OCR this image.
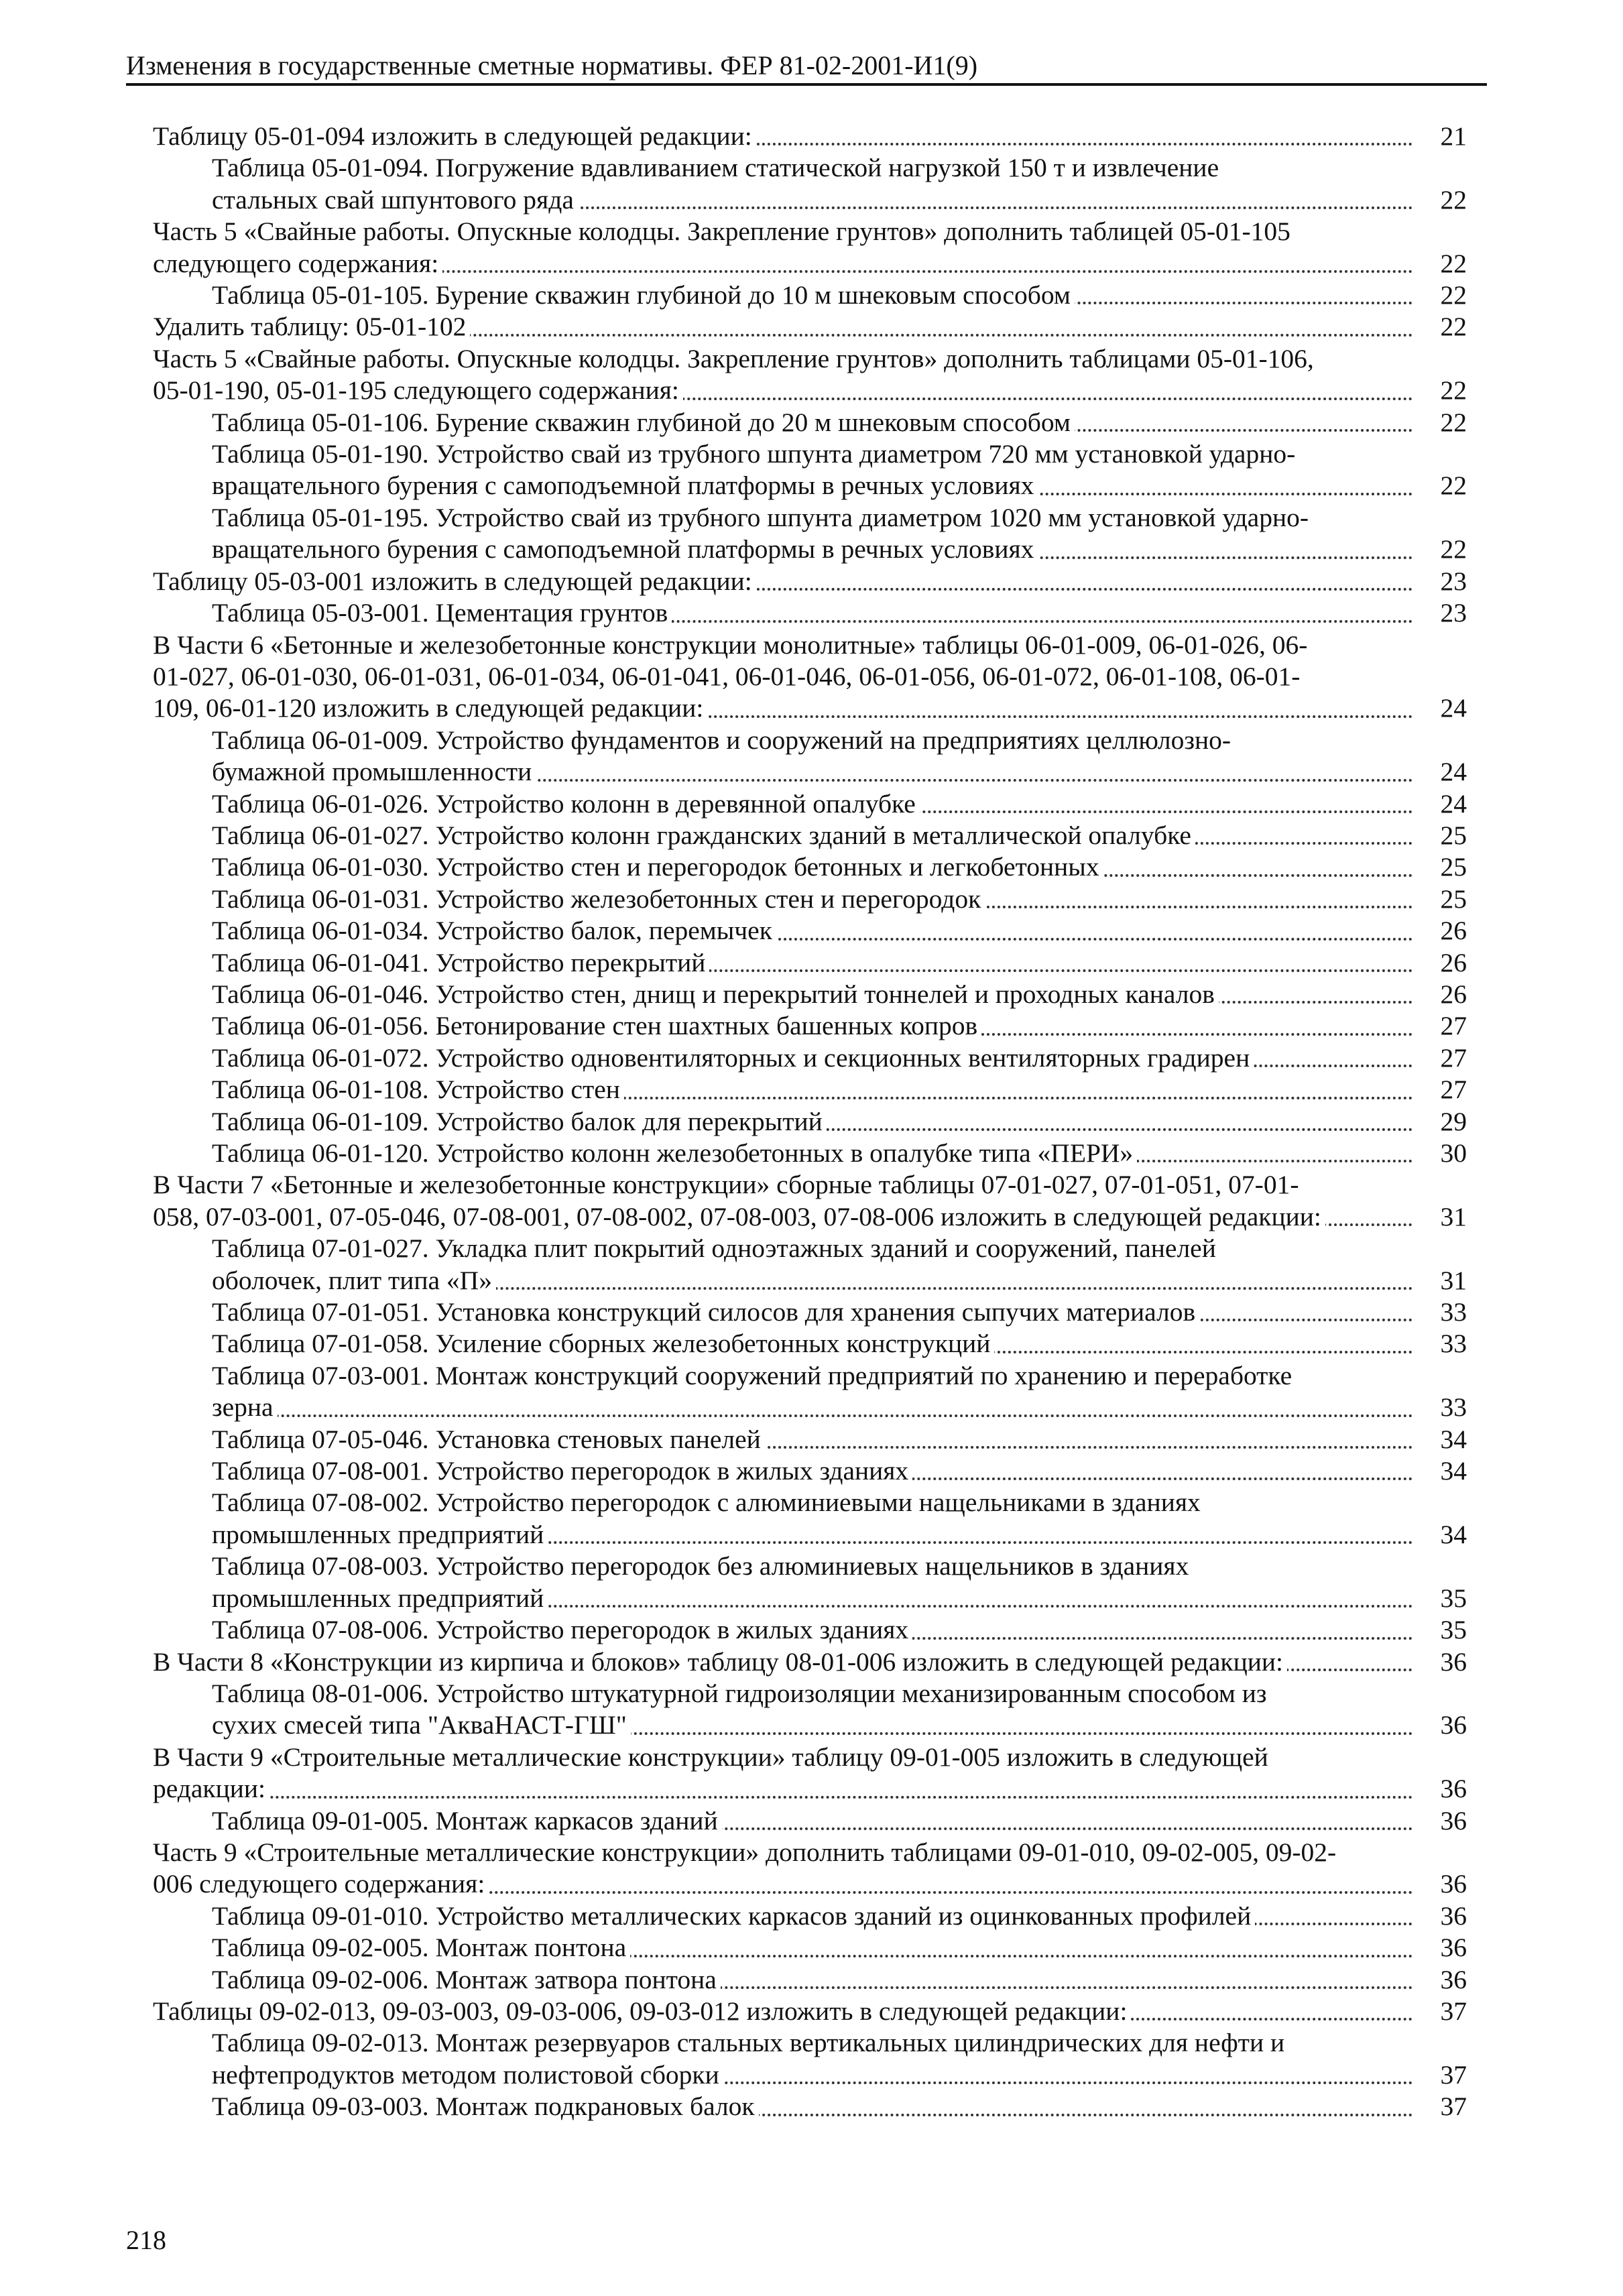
Изменения в государственные сметные нормативы. ФЕР 81-02-2001-И1(9)
Таблицу 05-01-094 изложить в следующей редакции:	21
Таблица 05-01-094. Погружение вдавливанием статической нагрузкой 150 т и извлечение
стальных свай шпунтового ряда	22
Часть 5 «Свайные работы. Опускные колодцы. Закрепление грунтов» дополнить таблицей 05-01-105
следующего содержания:	22
Таблица 05-01-105. Бурение скважин глубиной до 10 м шнековым способом	22
Удалить таблицу: 05-01-102	22
Часть 5 «Свайные работы. Опускные колодцы. Закрепление грунтов» дополнить таблицами 05-01-106,
05-01-190, 05-01-195 следующего содержания:	22
Таблица 05-01-106. Бурение скважин глубиной до 20 м шнековым способом	22
Таблица 05-01-190. Устройство свай из трубного шпунта диаметром 720 мм установкой ударно-
вращательного бурения с самоподъемной платформы в речных условиях	22
Таблица 05-01-195. Устройство свай из трубного шпунта диаметром 1020 мм установкой ударно-
вращательного бурения с самоподъемной платформы в речных условиях	22
Таблицу 05-03-001 изложить в следующей редакции:	23
Таблица 05-03-001. Цементация грунтов	23
В Части 6 «Бетонные и железобетонные конструкции монолитные» таблицы 06-01-009, 06-01-026, 06-
01-027, 06-01-030, 06-01-031, 06-01-034, 06-01-041, 06-01-046, 06-01-056, 06-01-072, 06-01-108, 06-01-
109, 06-01-120 изложить в следующей редакции:	24
Таблица 06-01-009. Устройство фундаментов и сооружений на предприятиях целлюлозно-
бумажной промышленности	24
Таблица 06-01-026. Устройство колонн в деревянной опалубке	24
Таблица 06-01-027. Устройство колонн гражданских зданий в металлической опалубке	25
Таблица 06-01-030. Устройство стен и перегородок бетонных и легкобетонных	25
Таблица 06-01-031. Устройство железобетонных стен и перегородок	25
Таблица 06-01-034. Устройство балок, перемычек	26
Таблица 06-01-041. Устройство перекрытий	26
Таблица 06-01-046. Устройство стен, днищ и перекрытий тоннелей и проходных каналов	26
Таблица 06-01-056. Бетонирование стен шахтных башенных копров	27
Таблица 06-01-072. Устройство одновентиляторных и секционных вентиляторных градирен	27
Таблица 06-01-108. Устройство стен	27
Таблица 06-01-109. Устройство балок для перекрытий	29
Таблица 06-01-120. Устройство колонн железобетонных в опалубке типа «ПЕРИ»	30
В Части 7 «Бетонные и железобетонные конструкции» сборные таблицы 07-01-027, 07-01-051, 07-01-
058, 07-03-001, 07-05-046, 07-08-001, 07-08-002, 07-08-003, 07-08-006 изложить в следующей редакции:	31
Таблица 07-01-027. Укладка плит покрытий одноэтажных зданий и сооружений, панелей
оболочек, плит типа «П»	31
Таблица 07-01-051. Установка конструкций силосов для хранения сыпучих материалов	33
Таблица 07-01-058. Усиление сборных железобетонных конструкций	33
Таблица 07-03-001. Монтаж конструкций сооружений предприятий по хранению и переработке
зерна	33
Таблица 07-05-046. Установка стеновых панелей	34
Таблица 07-08-001. Устройство перегородок в жилых зданиях	34
Таблица 07-08-002. Устройство перегородок с алюминиевыми нащельниками в зданиях
промышленных предприятий	34
Таблица 07-08-003. Устройство перегородок без алюминиевых нащельников в зданиях
промышленных предприятий	35
Таблица 07-08-006. Устройство перегородок в жилых зданиях	35
В Части 8 «Конструкции из кирпича и блоков» таблицу 08-01-006 изложить в следующей редакции:	36
Таблица 08-01-006. Устройство штукатурной гидроизоляции механизированным способом из
сухих смесей типа "АкваНАСТ-ГШ"	36
В Части 9 «Строительные металлические конструкции» таблицу 09-01-005 изложить в следующей
редакции:	36
Таблица 09-01-005. Монтаж каркасов зданий	36
Часть 9 «Строительные металлические конструкции» дополнить таблицами 09-01-010, 09-02-005, 09-02-
006 следующего содержания:	36
Таблица 09-01-010. Устройство металлических каркасов зданий из оцинкованных профилей	36
Таблица 09-02-005. Монтаж понтона	36
Таблица 09-02-006. Монтаж затвора понтона	36
Таблицы 09-02-013, 09-03-003, 09-03-006, 09-03-012 изложить в следующей редакции:	37
Таблица 09-02-013. Монтаж резервуаров стальных вертикальных цилиндрических для нефти и
нефтепродуктов методом полистовой сборки	37
Таблица 09-03-003. Монтаж подкрановых балок	37
218
